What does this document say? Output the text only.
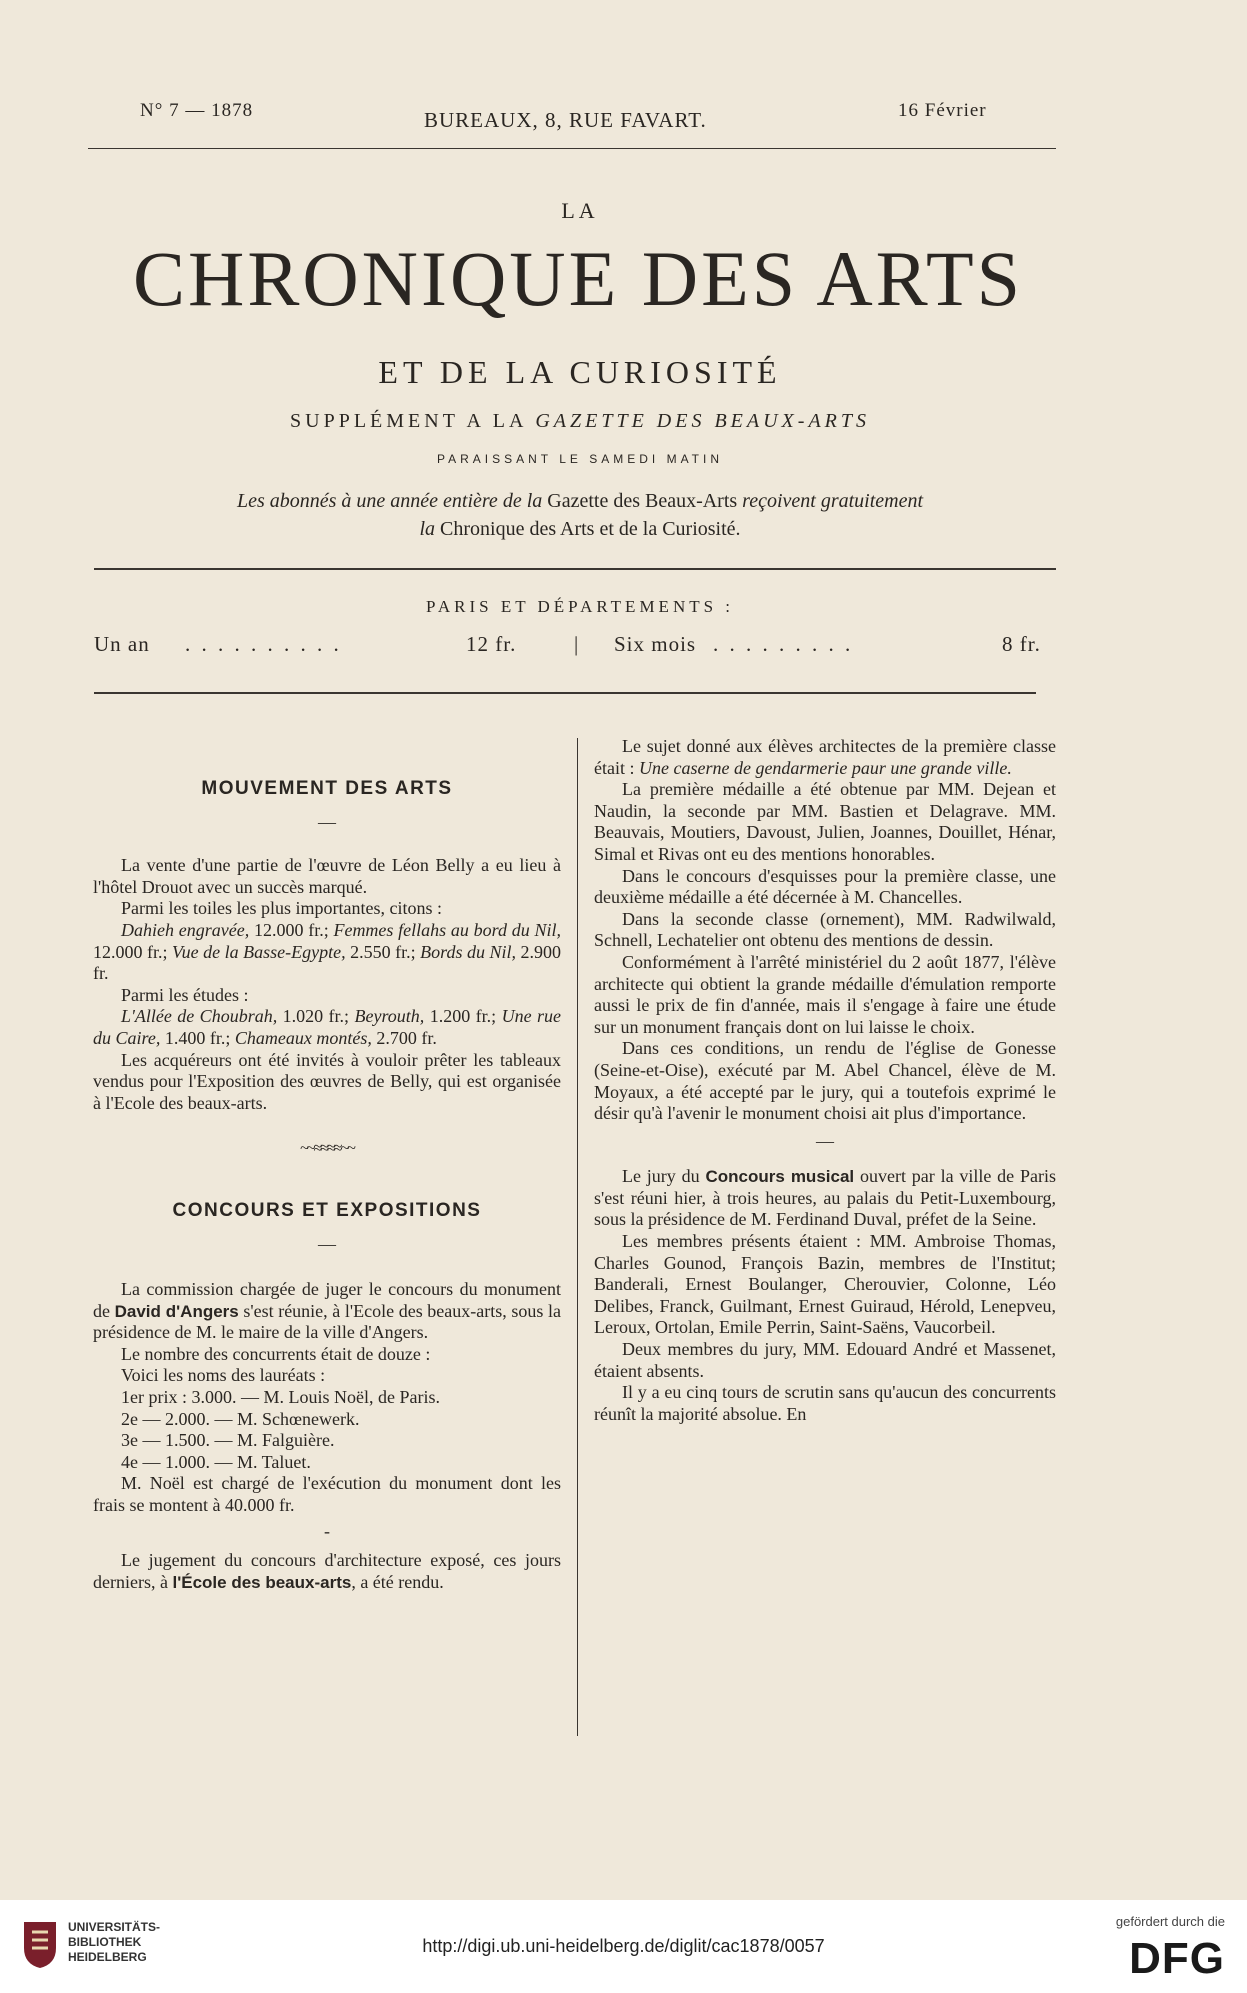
N° 7 — 1878	BUREAUX, 8, RUE FAVART.	16 Février
LA
CHRONIQUE DES ARTS
ET DE LA CURIOSITÉ
SUPPLÉMENT A LA GAZETTE DES BEAUX-ARTS
PARAISSANT LE SAMEDI MATIN
Les abonnés à une année entière de la Gazette des Beaux-Arts reçoivent gratuitement
la Chronique des Arts et de la Curiosité.
PARIS ET DÉPARTEMENTS :
Un an . . . . . . . . . .	12 fr.	| Six mois . . . . . . . . .	8 fr.
MOUVEMENT DES ARTS

—

La vente d'une partie de l'œuvre de Léon Belly a eu lieu à l'hôtel Drouot avec un succès marqué.

Parmi les toiles les plus importantes, citons :

Dahieh engravée, 12.000 fr.; Femmes fellahs au bord du Nil, 12.000 fr.; Vue de la Basse-Egypte, 2.550 fr.; Bords du Nil, 2.900 fr.

Parmi les études :

L'Allée de Choubrah, 1.020 fr.; Beyrouth, 1.200 fr.; Une rue du Caire, 1.400 fr.; Chameaux montés, 2.700 fr.

Les acquéreurs ont été invités à vouloir prêter les tableaux vendus pour l'Exposition des œuvres de Belly, qui est organisée à l'Ecole des beaux-arts.

~~≈≈≈≈~~

CONCOURS ET EXPOSITIONS

—

La commission chargée de juger le concours du monument de David d'Angers s'est réunie, à l'Ecole des beaux-arts, sous la présidence de M. le maire de la ville d'Angers.

Le nombre des concurrents était de douze :

Voici les noms des lauréats :

1er prix : 3.000. — M. Louis Noël, de Paris.

2e — 2.000. — M. Schœnewerk.

3e — 1.500. — M. Falguière.

4e — 1.000. — M. Taluet.

M. Noël est chargé de l'exécution du monument dont les frais se montent à 40.000 fr.

-

Le jugement du concours d'architecture exposé, ces jours derniers, à l'École des beaux-arts, a été rendu.

Le sujet donné aux élèves architectes de la première classe était : Une caserne de gendarmerie paur une grande ville.

La première médaille a été obtenue par MM. Dejean et Naudin, la seconde par MM. Bastien et Delagrave. MM. Beauvais, Moutiers, Davoust, Julien, Joannes, Douillet, Hénar, Simal et Rivas ont eu des mentions honorables.

Dans le concours d'esquisses pour la première classe, une deuxième médaille a été décernée à M. Chancelles.

Dans la seconde classe (ornement), MM. Radwilwald, Schnell, Lechatelier ont obtenu des mentions de dessin.

Conformément à l'arrêté ministériel du 2 août 1877, l'élève architecte qui obtient la grande médaille d'émulation remporte aussi le prix de fin d'année, mais il s'engage à faire une étude sur un monument français dont on lui laisse le choix.

Dans ces conditions, un rendu de l'église de Gonesse (Seine-et-Oise), exécuté par M. Abel Chancel, élève de M. Moyaux, a été accepté par le jury, qui a toutefois exprimé le désir qu'à l'avenir le monument choisi ait plus d'importance.

—

Le jury du Concours musical ouvert par la ville de Paris s'est réuni hier, à trois heures, au palais du Petit-Luxembourg, sous la présidence de M. Ferdinand Duval, préfet de la Seine.

Les membres présents étaient : MM. Ambroise Thomas, Charles Gounod, François Bazin, membres de l'Institut; Banderali, Ernest Boulanger, Cherouvier, Colonne, Léo Delibes, Franck, Guilmant, Ernest Guiraud, Hérold, Lenepveu, Leroux, Ortolan, Emile Perrin, Saint-Saëns, Vaucorbeil.

Deux membres du jury, MM. Edouard André et Massenet, étaient absents.

Il y a eu cinq tours de scrutin sans qu'aucun des concurrents réunît la majorité absolue. En

UNIVERSITÄTS-
BIBLIOTHEK
HEIDELBERG
http://digi.ub.uni-heidelberg.de/diglit/cac1878/0057
gefördert durch die
DFG
